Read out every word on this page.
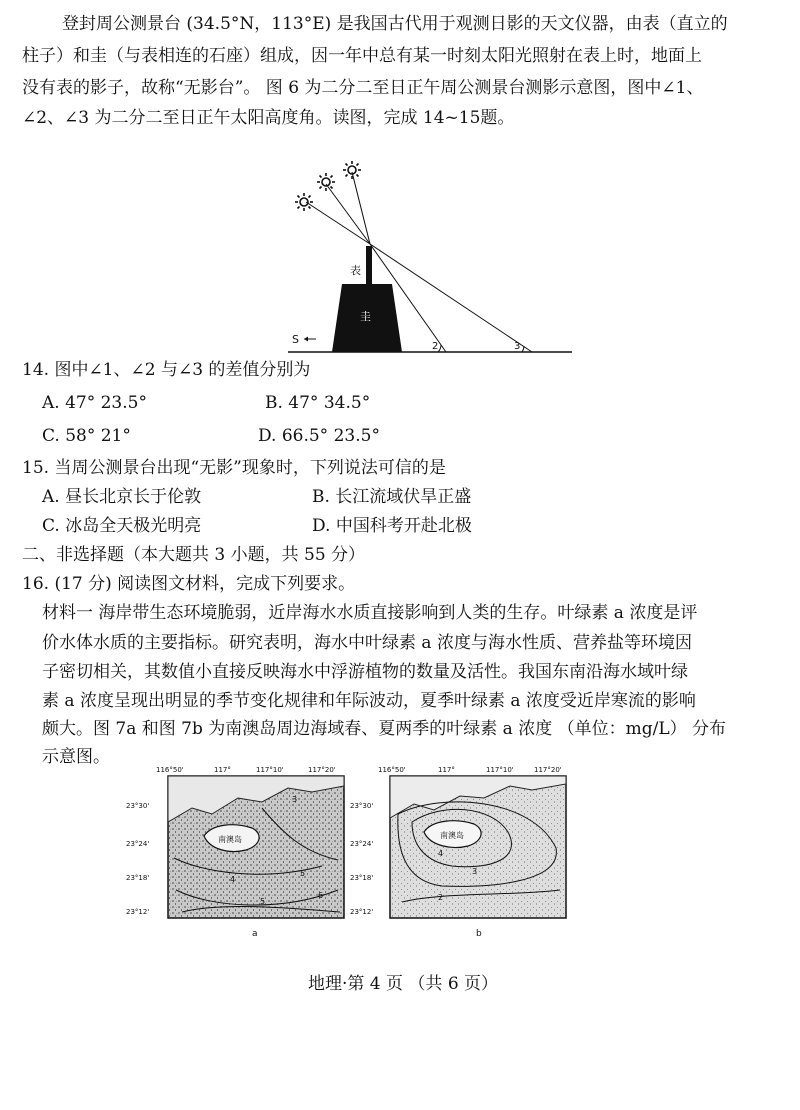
登封周公测景台 (34.5°N，113°E) 是我国古代用于观测日影的天文仪器，由表（直立的
柱子）和圭（与表相连的石座）组成，因一年中总有某一时刻太阳光照射在表上时，地面上
没有表的影子，故称“无影台”。 图 6 为二分二至日正午周公测景台测影示意图，图中∠1、
∠2、∠3 为二分二至日正午太阳高度角。读图，完成 14~15题。
表
圭
S
2	3
14. 图中∠1、∠2 与∠3 的差值分别为
A. 47° 23.5°	B. 47° 34.5°
C. 58° 21°	D. 66.5° 23.5°
15. 当周公测景台出现“无影”现象时，下列说法可信的是
A. 昼长北京长于伦敦	B. 长江流域伏旱正盛
C. 冰岛全天极光明亮	D. 中国科考开赴北极
二、非选择题（本大题共 3 小题，共 55 分）
16. (17 分) 阅读图文材料，完成下列要求。
材料一 海岸带生态环境脆弱，近岸海水水质直接影响到人类的生存。叶绿素 a 浓度是评
价水体水质的主要指标。研究表明，海水中叶绿素 a 浓度与海水性质、营养盐等环境因
子密切相关，其数值小直接反映海水中浮游植物的数量及活性。我国东南沿海水域叶绿
素 a 浓度呈现出明显的季节变化规律和年际波动，夏季叶绿素 a 浓度受近岸寒流的影响
颇大。图 7a 和图 7b 为南澳岛周边海域春、夏两季的叶绿素 a 浓度 （单位：mg/L） 分布
示意图。
南澳岛
4
5
6
3
5
116°50'	117°	117°10'	117°20'
23°30'
23°24'
23°18'
23°12'
a
南澳岛
4
3
2
116°50'	117°	117°10'	117°20'
23°30'
23°24'
23°18'
23°12'
b
地理·第 4 页 （共 6 页）
